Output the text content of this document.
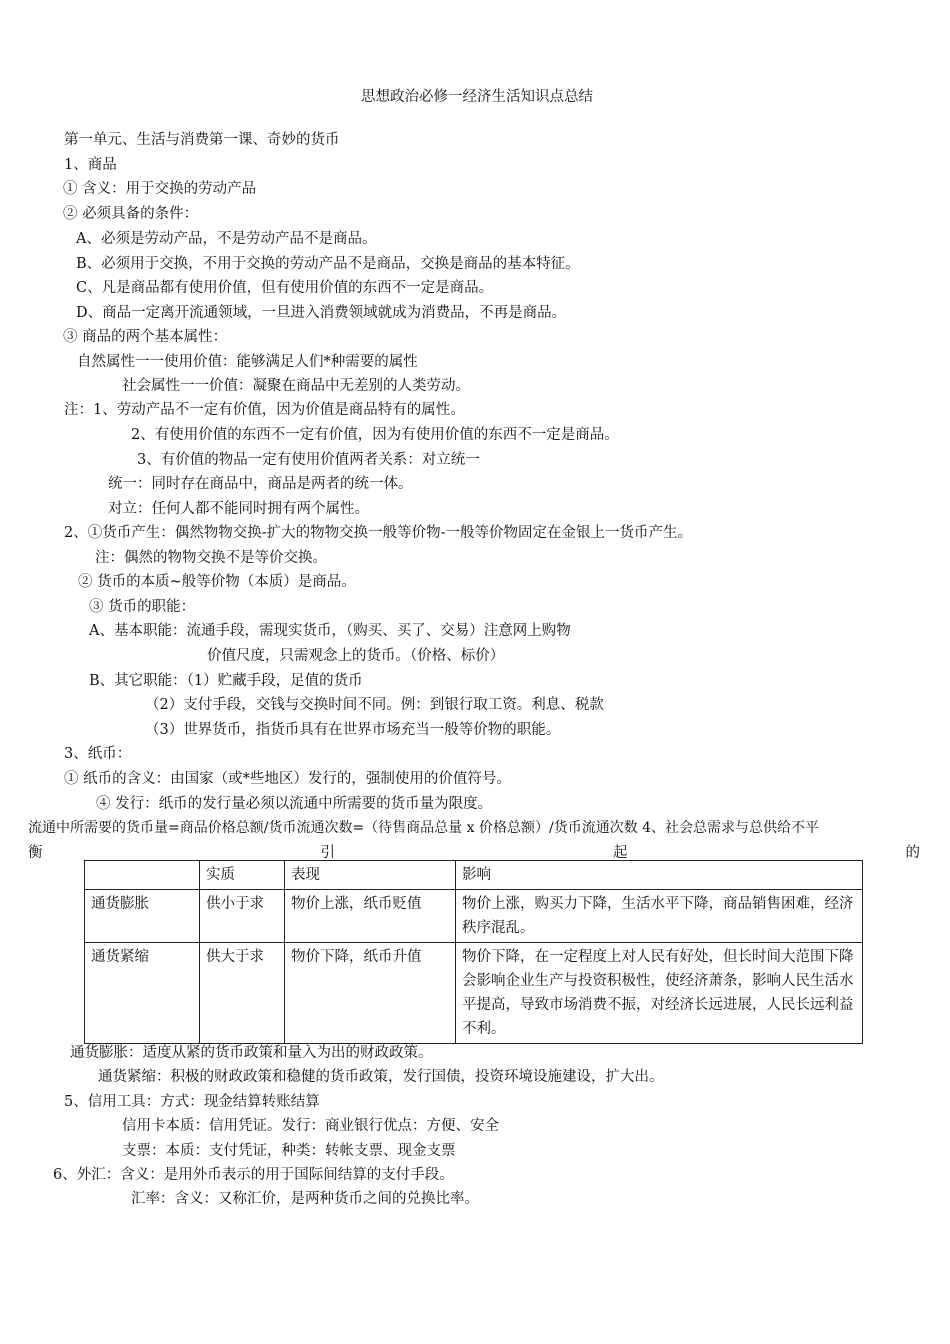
思想政治必修一经济生活知识点总结
第一单元、生活与消费第一课、奇妙的货币
1、商品
① 含义：用于交换的劳动产品
② 必须具备的条件：
A、必须是劳动产品，不是劳动产品不是商品。
B、必须用于交换，不用于交换的劳动产品不是商品，交换是商品的基本特征。
C、凡是商品都有使用价值，但有使用价值的东西不一定是商品。
D、商品一定离开流通领域，一旦进入消费领域就成为消费品，不再是商品。
③ 商品的两个基本属性：
自然属性一一使用价值：能够满足人们*种需要的属性
社会属性一一价值：凝聚在商品中无差别的人类劳动。
注：1、劳动产品不一定有价值，因为价值是商品特有的属性。
2、有使用价值的东西不一定有价值，因为有使用价值的东西不一定是商品。
3、有价值的物品一定有使用价值两者关系：对立统一
统一：同时存在商品中，商品是两者的统一体。
对立：任何人都不能同时拥有两个属性。
2、①货币产生：偶然物物交换-扩大的物物交换一般等价物-一般等价物固定在金银上一货币产生。
注：偶然的物物交换不是等价交换。
② 货币的本质~般等价物（本质）是商品。
③ 货币的职能：
A、基本职能：流通手段，需现实货币，（购买、买了、交易）注意网上购物
价值尺度，只需观念上的货币。（价格、标价）
B、其它职能：（1）贮藏手段，足值的货币
（2）支付手段，交钱与交换时间不同。例：到银行取工资。利息、税款
（3）世界货币，指货币具有在世界市场充当一般等价物的职能。
3、纸币：
① 纸币的含义：由国家（或*些地区）发行的，强制使用的价值符号。
④ 发行：纸币的发行量必须以流通中所需要的货币量为限度。
流通中所需要的货币量=商品价格总额/货币流通次数=（待售商品总量 x 价格总额）/货币流通次数 4、社会总需求与总供给不平
衡	引	起	的
	实质	表现	影响
通货膨胀	供小于求	物价上涨，纸币贬值	物价上涨，购买力下降，生活水平下降，商品销售困难，经济秩序混乱。
通货紧缩	供大于求	物价下降，纸币升值	物价下降，在一定程度上对人民有好处，但长时间大范围下降会影响企业生产与投资积极性，使经济萧条，影响人民生活水平提高，导致市场消费不振，对经济长远进展，人民长远利益不利。
通货膨胀：适度从紧的货币政策和量入为出的财政政策。
通货紧缩：积极的财政政策和稳健的货币政策，发行国债，投资环境设施建设，扩大出。
5、信用工具：方式：现金结算转账结算
信用卡本质：信用凭证。发行：商业银行优点：方便、安全
支票：本质：支付凭证，种类：转帐支票、现金支票
6、外汇：含义：是用外币表示的用于国际间结算的支付手段。
汇率：含义：又称汇价，是两种货币之间的兑换比率。
